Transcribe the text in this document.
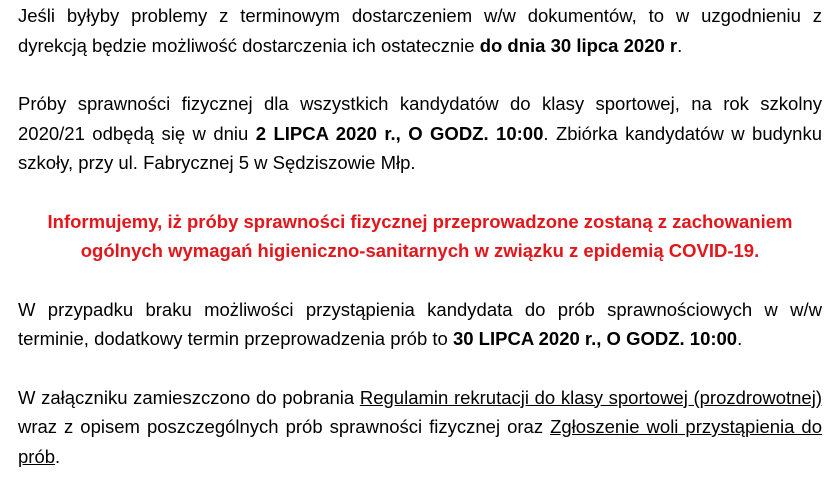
Jeśli byłyby problemy z terminowym dostarczeniem w/w dokumentów, to w uzgodnieniu z dyrekcją będzie możliwość dostarczenia ich ostatecznie do dnia 30 lipca 2020 r.

Próby sprawności fizycznej dla wszystkich kandydatów do klasy sportowej, na rok szkolny 2020/21 odbędą się w dniu 2 LIPCA 2020 r., O GODZ. 10:00. Zbiórka kandydatów w budynku szkoły, przy ul. Fabrycznej 5 w Sędziszowie Młp.

Informujemy, iż próby sprawności fizycznej przeprowadzone zostaną z zachowaniem ogólnych wymagań higieniczno-sanitarnych w związku z epidemią COVID-19.

W przypadku braku możliwości przystąpienia kandydata do prób sprawnościowych w w/w terminie, dodatkowy termin przeprowadzenia prób to 30 LIPCA 2020 r., O GODZ. 10:00.

W załączniku zamieszczono do pobrania Regulamin rekrutacji do klasy sportowej (prozdrowotnej) wraz z opisem poszczególnych prób sprawności fizycznej oraz Zgłoszenie woli przystąpienia do prób.
